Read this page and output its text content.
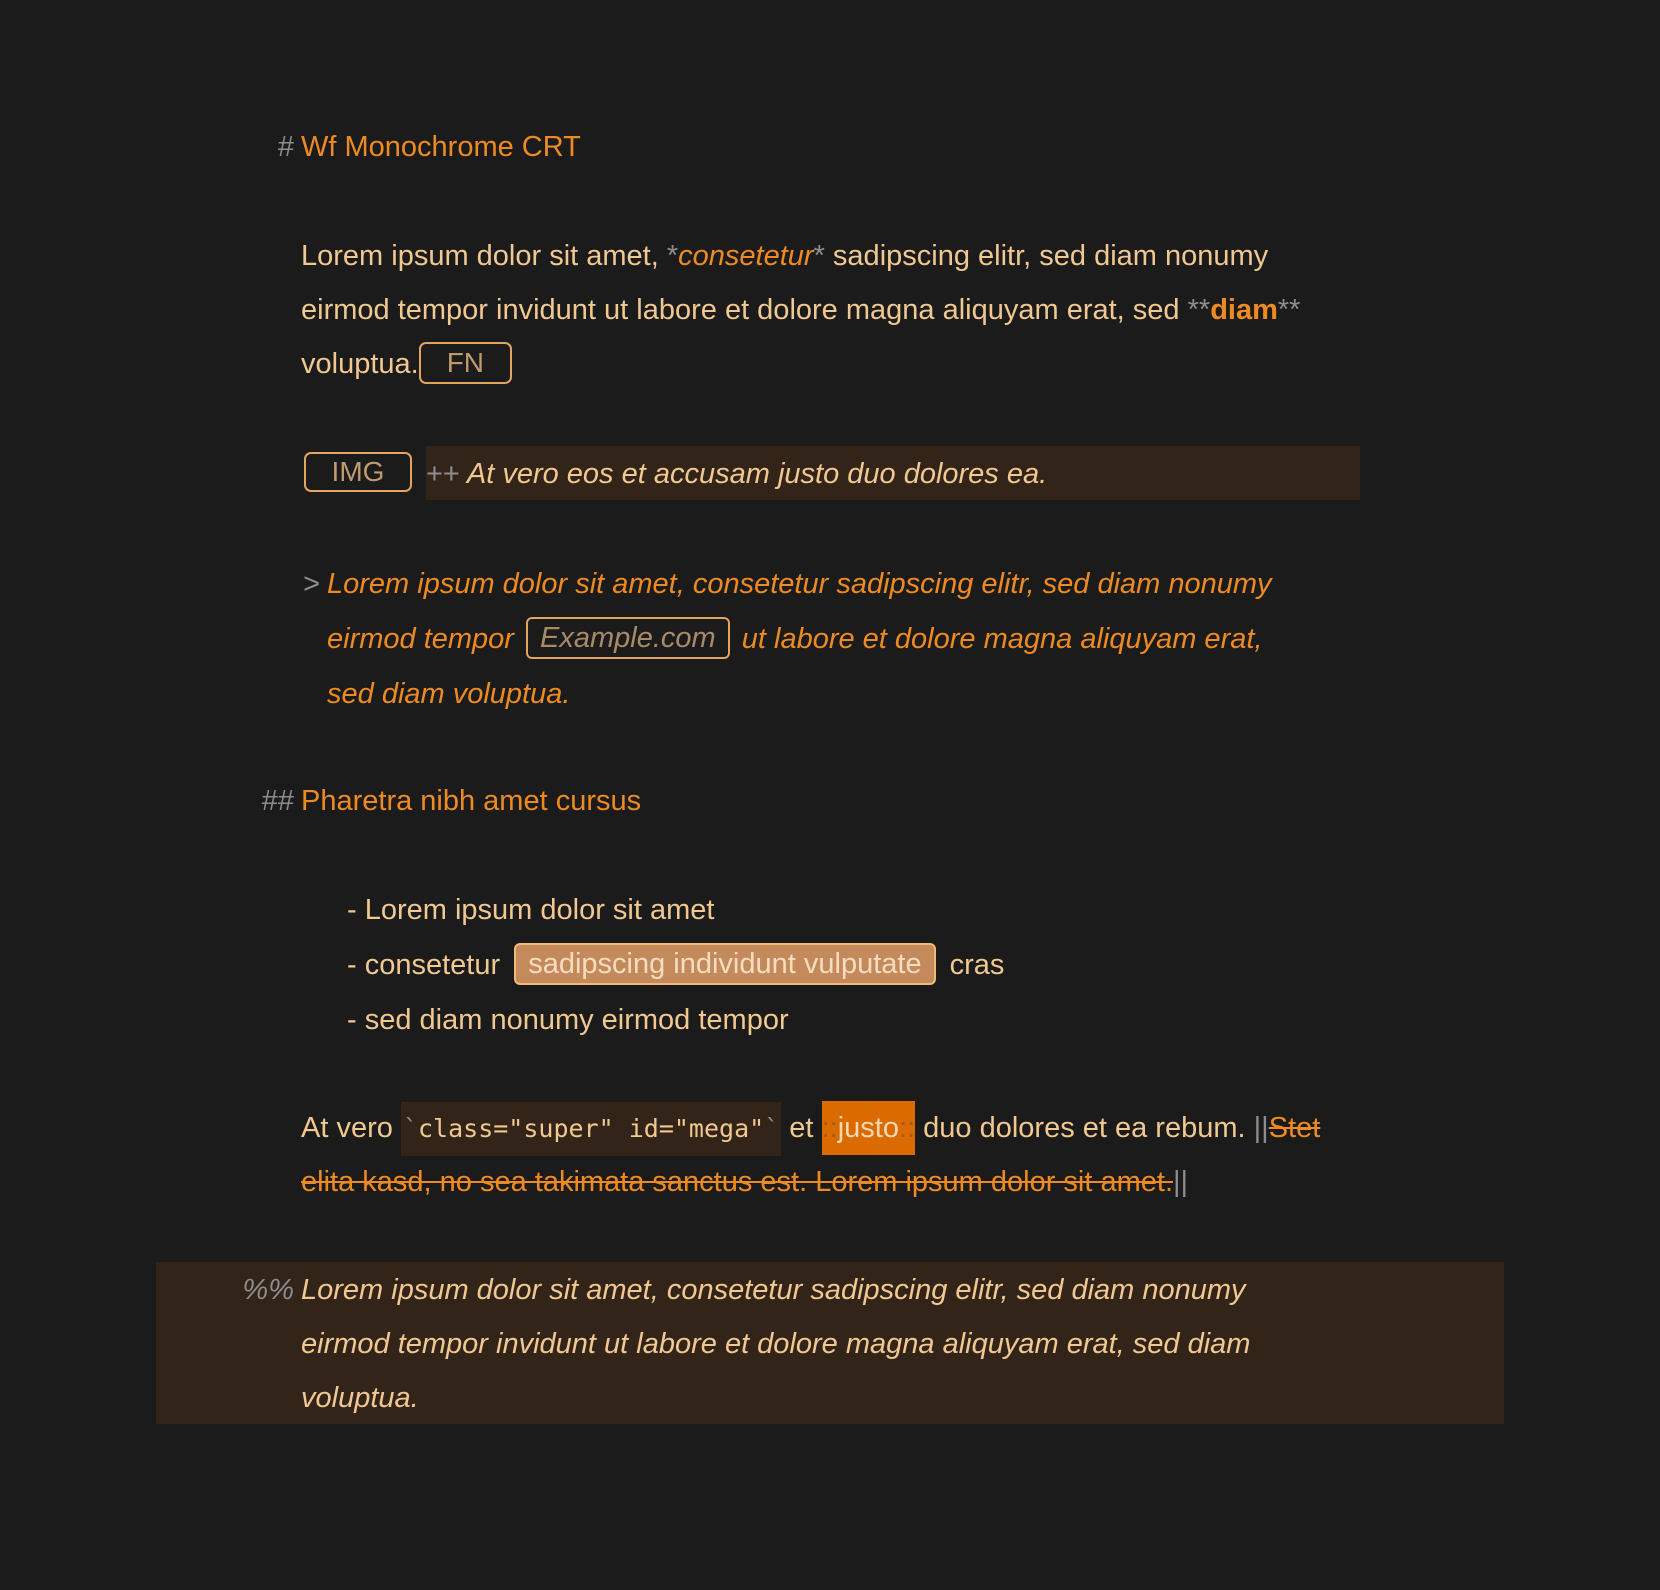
# Wf Monochrome CRT
Lorem ipsum dolor sit amet, *consetetur* sadipscing elitr, sed diam nonumy
eirmod tempor invidunt ut labore et dolore magna aliquyam erat, sed **diam**
voluptua. FN
IMG	++ At vero eos et accusam justo duo dolores ea.
> Lorem ipsum dolor sit amet, consetetur sadipscing elitr, sed diam nonumy
eirmod tempor Example.com ut labore et dolore magna aliquyam erat,
sed diam voluptua.
## Pharetra nibh amet cursus
- Lorem ipsum dolor sit amet
- consetetur sadipscing individunt vulputate cras
- sed diam nonumy eirmod tempor
At vero `class="super" id="mega"` et ::justo:: duo dolores et ea rebum. ||Stet
elita kasd, no sea takimata sanctus est. Lorem ipsum dolor sit amet.||
%% Lorem ipsum dolor sit amet, consetetur sadipscing elitr, sed diam nonumy
eirmod tempor invidunt ut labore et dolore magna aliquyam erat, sed diam
voluptua.
